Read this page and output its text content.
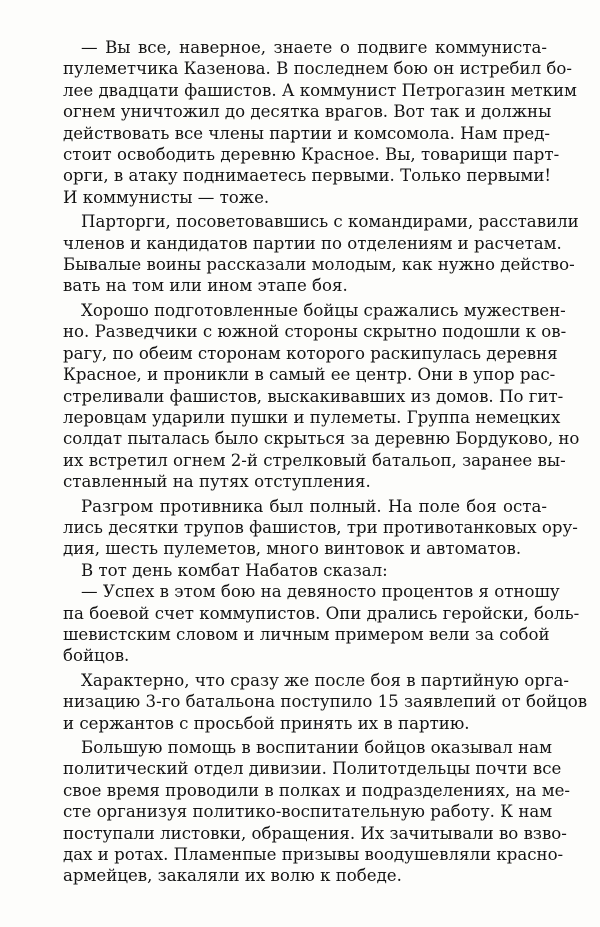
— Вы все, наверное, знаете о подвиге коммуниста-
пулеметчика Казенова. В последнем бою он истребил бо-
лее двадцати фашистов. А коммунист Петрогазин метким
огнем уничтожил до десятка врагов. Вот так и должны
действовать все члены партии и комсомола. Нам пред-
стоит освободить деревню Красное. Вы, товарищи парт-
орги, в атаку поднимаетесь первыми. Только первыми!
И коммунисты — тоже.

Парторги, посоветовавшись с командирами, расставили
членов и кандидатов партии по отделениям и расчетам.
Бывалые воины рассказали молодым, как нужно действо-
вать на том или ином этапе боя.

Хорошо подготовленные бойцы сражались мужествен-
но. Разведчики с южной стороны скрытно подошли к ов-
рагу, по обеим сторонам которого раскипулась деревня
Красное, и проникли в самый ее центр. Они в упор рас-
стреливали фашистов, выскакивавших из домов. По гит-
леровцам ударили пушки и пулеметы. Группа немецких
солдат пыталась было скрыться за деревню Бордуково, но
их встретил огнем 2-й стрелковый батальоп, заранее вы-
ставленный на путях отступления.

Разгром противника был полный. На поле боя оста-
лись десятки трупов фашистов, три противотанковых ору-
дия, шесть пулеметов, много винтовок и автоматов.

В тот день комбат Набатов сказал:

— Успех в этом бою на девяносто процентов я отношу
па боевой счет коммупистов. Опи дрались геройски, боль-
шевистским словом и личным примером вели за собой
бойцов.

Характерно, что сразу же после боя в партийную орга-
низацию 3-го батальона поступило 15 заявлепий от бойцов
и сержантов с просьбой принять их в партию.

Большую помощь в воспитании бойцов оказывал нам
политический отдел дивизии. Политотдельцы почти все
свое время проводили в полках и подразделениях, на ме-
сте организуя политико-воспитательную работу. К нам
поступали листовки, обращения. Их зачитывали во взво-
дах и ротах. Пламенпые призывы воодушевляли красно-
армейцев, закаляли их волю к победе.
